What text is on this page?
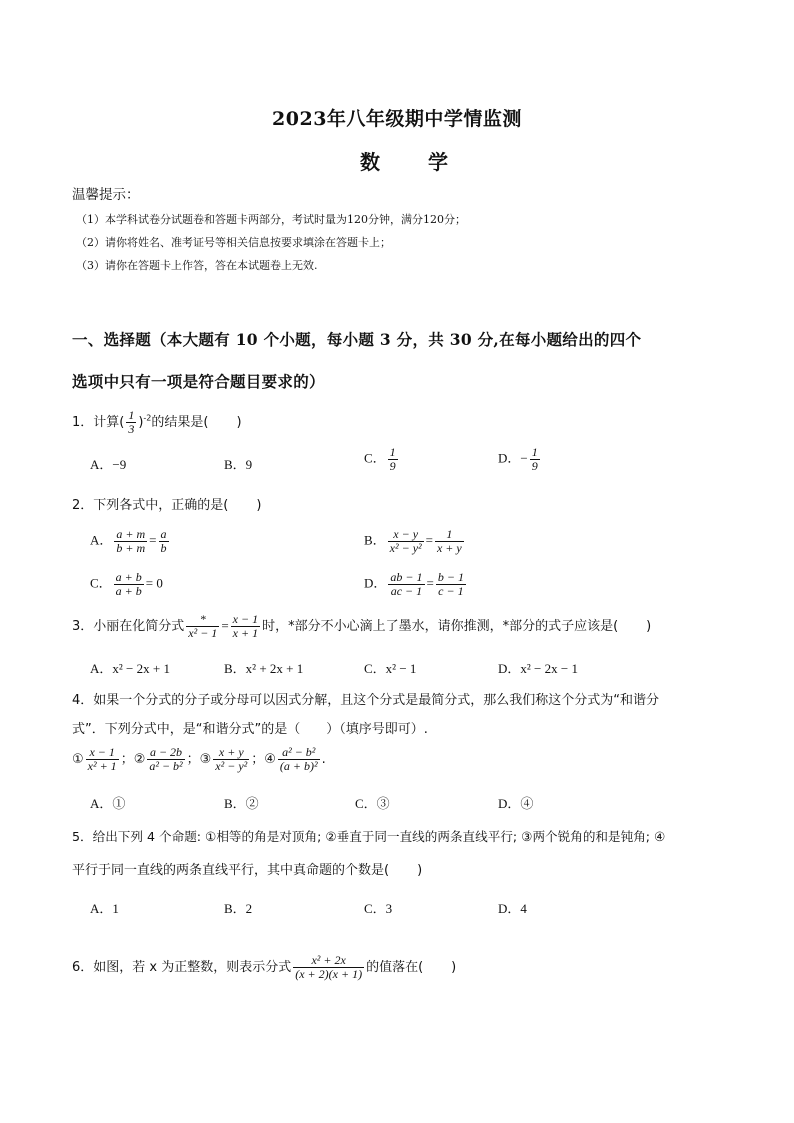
2023年八年级期中学情监测
数　学
温馨提示：
（1）本学科试卷分试题卷和答题卡两部分，考试时量为120分钟，满分120分；
（2）请你将姓名、准考证号等相关信息按要求填涂在答题卡上；
（3）请你在答题卡上作答，答在本试题卷上无效.
一、选择题（本大题有 10 个小题，每小题 3 分，共 30 分,在每小题给出的四个
选项中只有一项是符合题目要求的）
1．计算( $\frac{1}{3} )^{-2}$的结果是( )
A．−9	B．9	C． $\frac{1}{9}$	D．− $\frac{1}{9}$
2．下列各式中，正确的是( )
A． $\frac{a + m}{b + m} = \frac{a}{b}$	B． $\frac{x - y}{\text{x² − y²}} = \frac{1}{x + y}$
C． $\frac{a + b}{a + b} = 0$	D． $\frac{ab - 1}{ac - 1} = \frac{b - 1}{c - 1}$
3．小丽在化简分式 $\frac{*}{\text{x² − 1}} = \frac{x - 1}{x + 1}$ 时，*部分不小心滴上了墨水，请你推测，*部分的式子应该是( )
A．x² − 2x + 1	B．x² + 2x + 1	C．x² − 1	D．x² − 2x − 1
4．如果一个分式的分子或分母可以因式分解，且这个分式是最简分式，那么我们称这个分式为“和谐分
式”．下列分式中，是“和谐分式”的是（　　）（填序号即可）.
① $\frac{x - 1}{\text{x² + 1}}$ ；② $\frac{a - 2b}{\text{a² − b²}}$ ；③ $\frac{x + y}{\text{x² − y²}}$ ；④ $\frac{\text{a² − b²}}{\text{(a + b)²}}$ .
A．①	B．②	C．③	D．④
5．给出下列 4 个命题: ①相等的角是对顶角; ②垂直于同一直线的两条直线平行; ③两个锐角的和是钝角; ④
平行于同一直线的两条直线平行，其中真命题的个数是( )
A．1	B．2	C．3	D．4
6．如图，若 x 为正整数，则表示分式 $\frac{\text{x² + 2x}}{(x + 2)(x + 1)}$ 的值落在( )
